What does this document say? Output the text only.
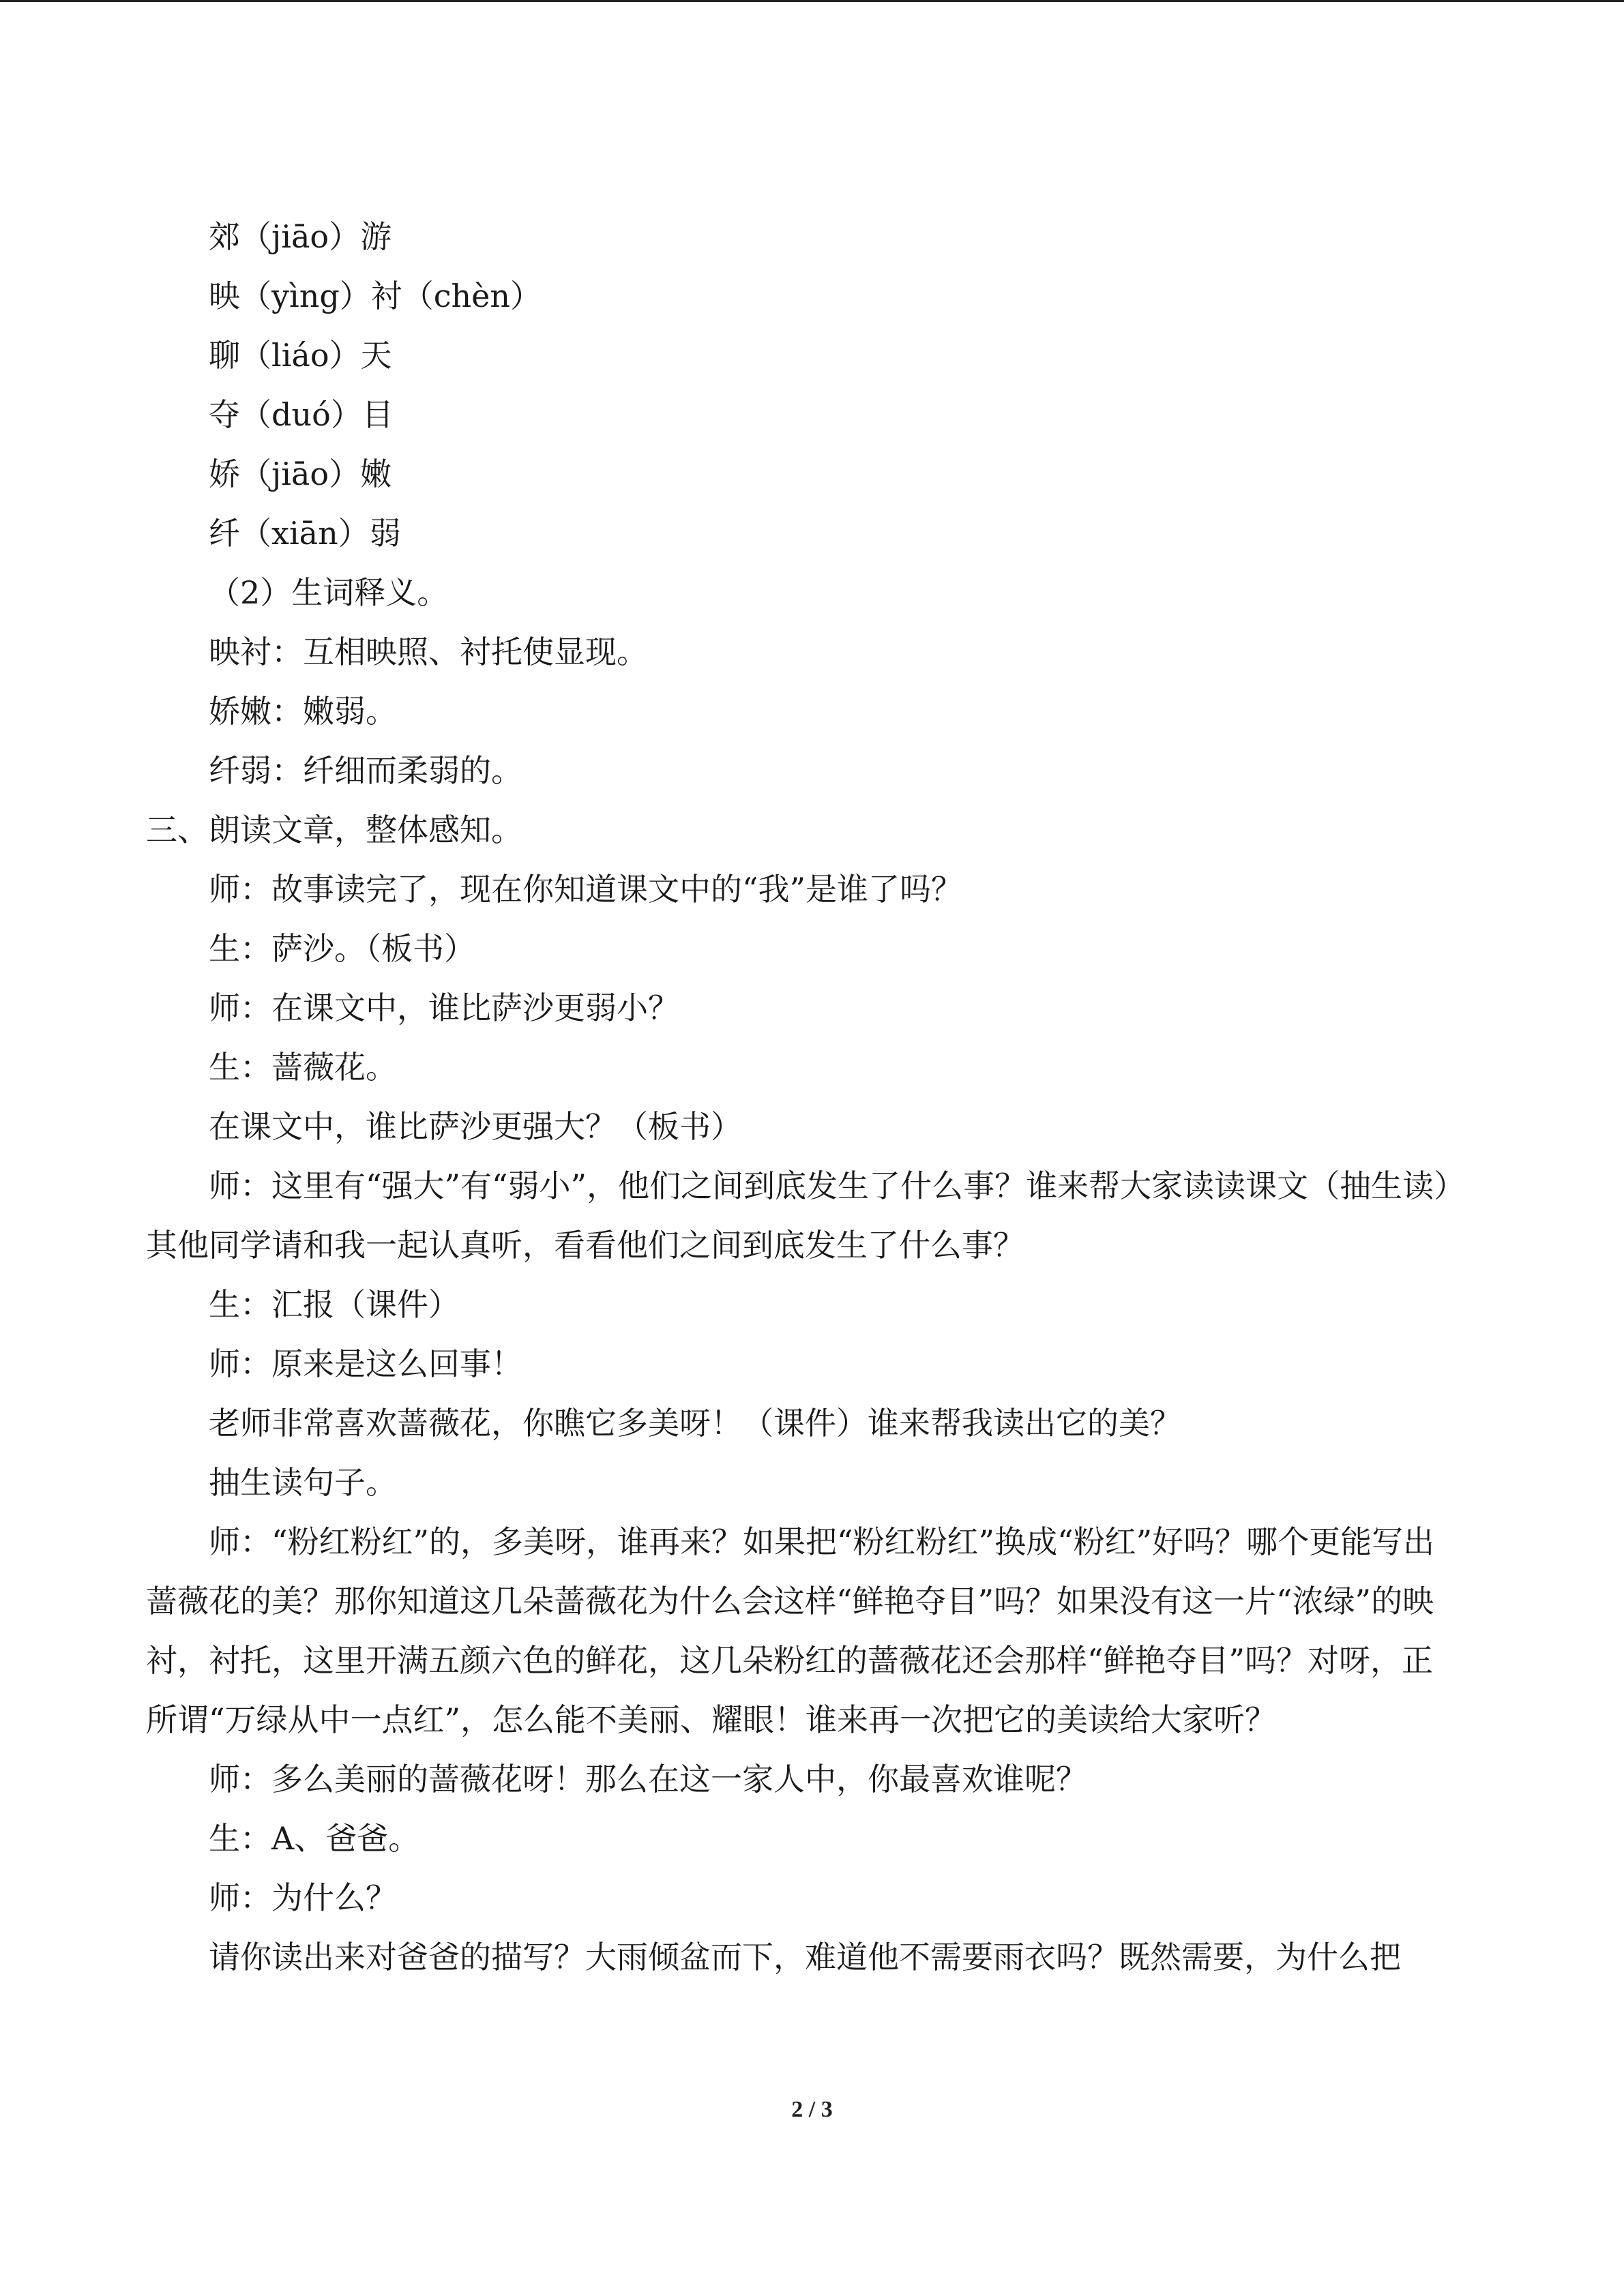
郊（jiāo）游

映（yìng）衬（chèn）

聊（liáo）天

夺（duó）目

娇（jiāo）嫩

纤（xiān）弱

（2）生词释义。

映衬：互相映照、衬托使显现。

娇嫩：嫩弱。

纤弱：纤细而柔弱的。

三、朗读文章，整体感知。

师：故事读完了，现在你知道课文中的“我”是谁了吗？

生：萨沙。（板书）

师：在课文中，谁比萨沙更弱小？

生：蔷薇花。

在课文中，谁比萨沙更强大？（板书）

师：这里有“强大”有“弱小”，他们之间到底发生了什么事？谁来帮大家读读课文（抽生读）其他同学请和我一起认真听，看看他们之间到底发生了什么事？

生：汇报（课件）

师：原来是这么回事！

老师非常喜欢蔷薇花，你瞧它多美呀！（课件）谁来帮我读出它的美？

抽生读句子。

师：“粉红粉红”的，多美呀，谁再来？如果把“粉红粉红”换成“粉红”好吗？哪个更能写出蔷薇花的美？那你知道这几朵蔷薇花为什么会这样“鲜艳夺目”吗？如果没有这一片“浓绿”的映衬，衬托，这里开满五颜六色的鲜花，这几朵粉红的蔷薇花还会那样“鲜艳夺目”吗？对呀，正所谓“万绿从中一点红”，怎么能不美丽、耀眼！谁来再一次把它的美读给大家听？

师：多么美丽的蔷薇花呀！那么在这一家人中，你最喜欢谁呢？

生：A、爸爸。

师：为什么？

请你读出来对爸爸的描写？大雨倾盆而下，难道他不需要雨衣吗？既然需要，为什么把

2 / 3
